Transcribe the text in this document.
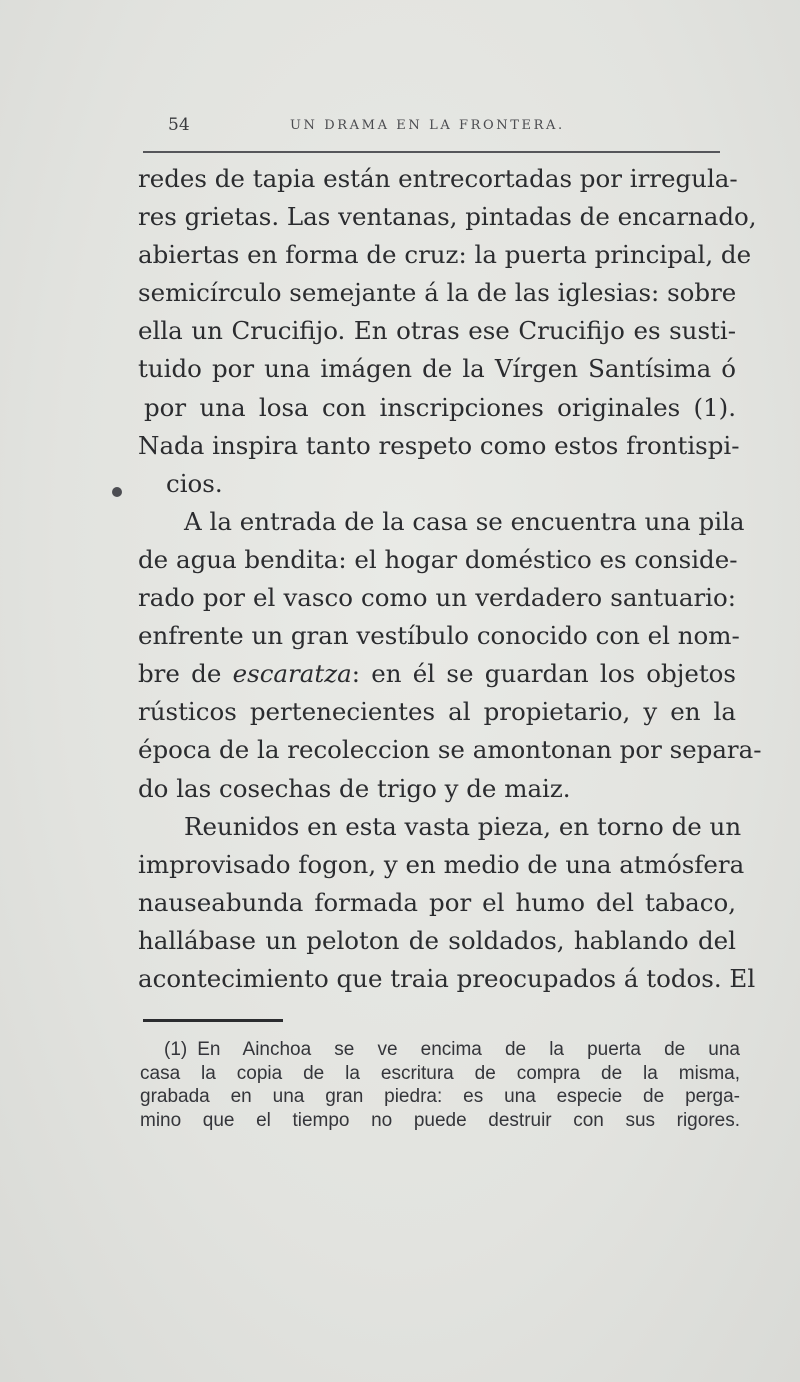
54	UN DRAMA EN LA FRONTERA.
redes de tapia están entrecortadas por irregula-
res grietas. Las ventanas, pintadas de encarnado,
abiertas en forma de cruz: la puerta principal, de
semicírculo semejante á la de las iglesias: sobre
ella un Crucifijo. En otras ese Crucifijo es susti-
tuido por una imágen de la Vírgen Santísima ó
por una losa con inscripciones originales (1).
Nada inspira tanto respeto como estos frontispi-
cios.
A la entrada de la casa se encuentra una pila
de agua bendita: el hogar doméstico es conside-
rado por el vasco como un verdadero santuario:
enfrente un gran vestíbulo conocido con el nom-
bre de escaratza: en él se guardan los objetos
rústicos pertenecientes al propietario, y en la
época de la recoleccion se amontonan por separa-
do las cosechas de trigo y de maiz.
Reunidos en esta vasta pieza, en torno de un
improvisado fogon, y en medio de una atmósfera
nauseabunda formada por el humo del tabaco,
hallábase un peloton de soldados, hablando del
acontecimiento que traia preocupados á todos. El
(1) En Ainchoa se ve encima de la puerta de una
casa la copia de la escritura de compra de la misma,
grabada en una gran piedra: es una especie de perga-
mino que el tiempo no puede destruir con sus rigores.
